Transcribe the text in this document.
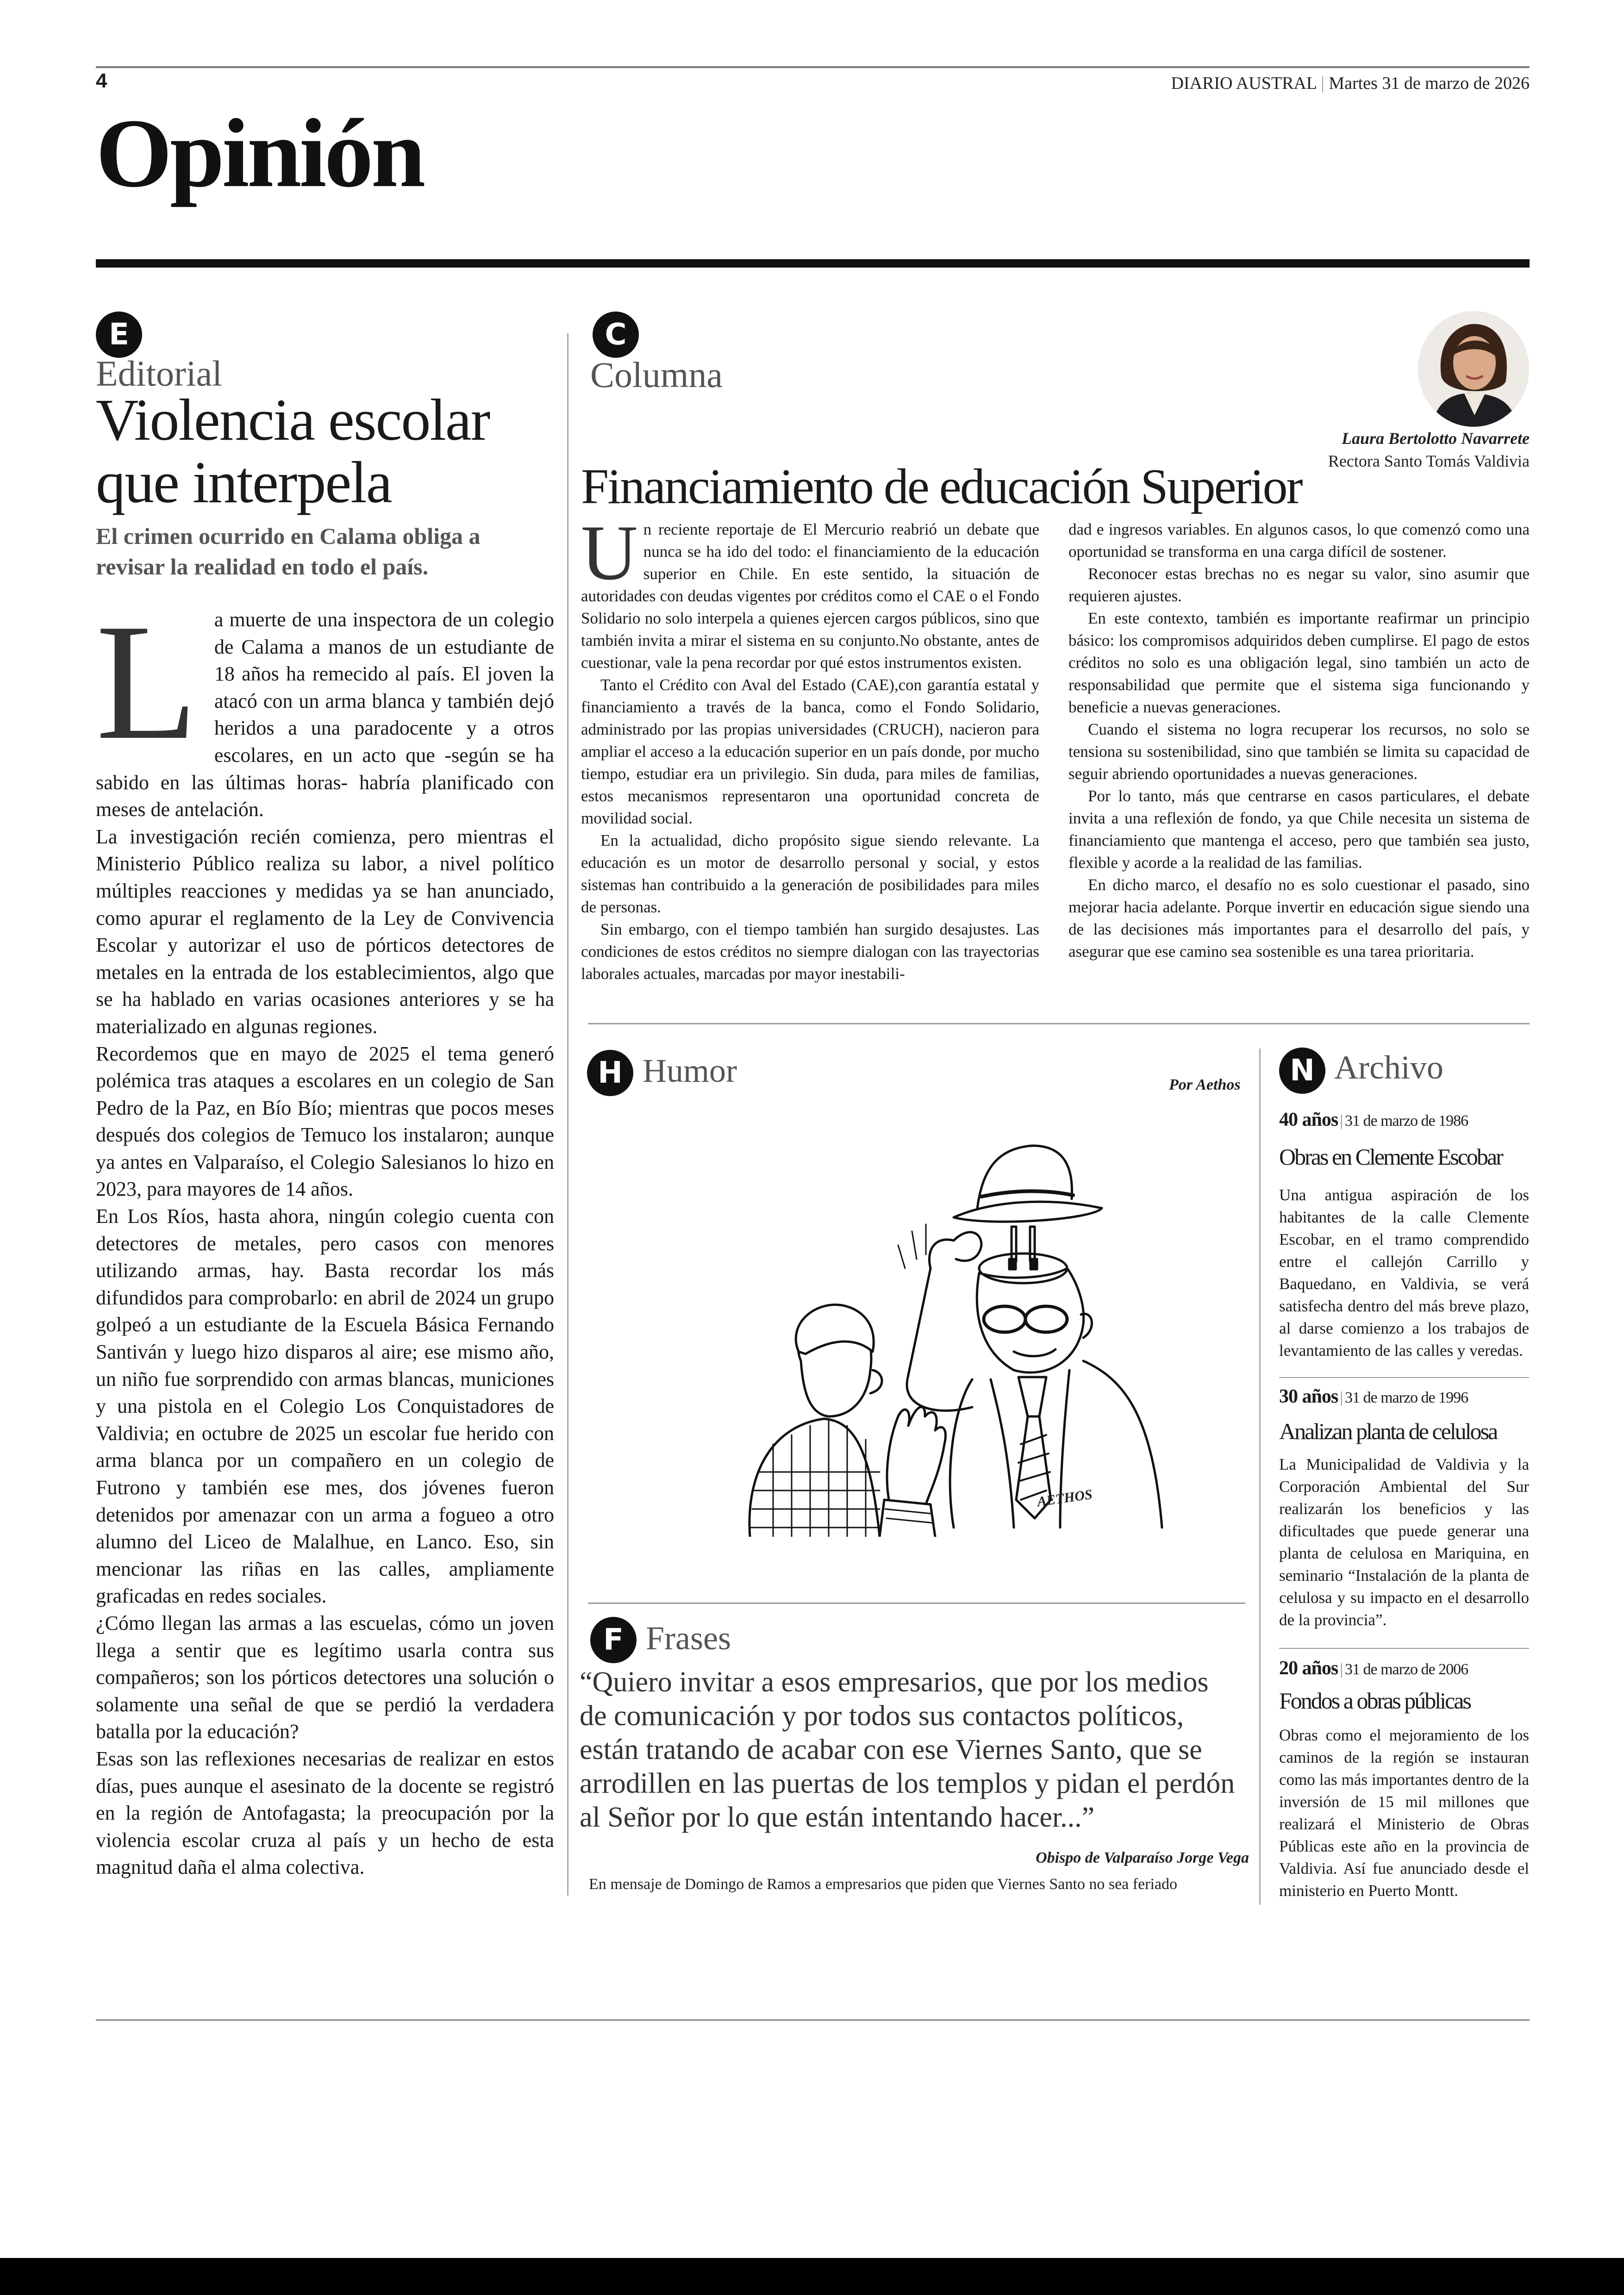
4	DIARIO AUSTRAL | Martes 31 de marzo de 2026
Opinión
E
Editorial
Violencia escolar que interpela
El crimen ocurrido en Calama obliga a revisar la realidad en todo el país.

La muerte de una inspectora de un colegio de Calama a manos de un estudiante de 18 años ha remecido al país. El joven la atacó con un arma blanca y también dejó heridos a una paradocente y a otros escolares, en un acto que -según se ha sabido en las últimas horas- habría planificado con meses de antelación.

La investigación recién comienza, pero mientras el Ministerio Público realiza su labor, a nivel político múltiples reacciones y medidas ya se han anunciado, como apurar el reglamento de la Ley de Convivencia Escolar y autorizar el uso de pórticos detectores de metales en la entrada de los establecimientos, algo que se ha hablado en varias ocasiones anteriores y se ha materializado en algunas regiones.

Recordemos que en mayo de 2025 el tema generó polémica tras ataques a escolares en un colegio de San Pedro de la Paz, en Bío Bío; mientras que pocos meses después dos colegios de Temuco los instalaron; aunque ya antes en Valparaíso, el Colegio Salesianos lo hizo en 2023, para mayores de 14 años.

En Los Ríos, hasta ahora, ningún colegio cuenta con detectores de metales, pero casos con menores utilizando armas, hay. Basta recordar los más difundidos para comprobarlo: en abril de 2024 un grupo golpeó a un estudiante de la Escuela Básica Fernando Santiván y luego hizo disparos al aire; ese mismo año, un niño fue sorprendido con armas blancas, municiones y una pistola en el Colegio Los Conquistadores de Valdivia; en octubre de 2025 un escolar fue herido con arma blanca por un compañero en un colegio de Futrono y también ese mes, dos jóvenes fueron detenidos por amenazar con un arma a fogueo a otro alumno del Liceo de Malalhue, en Lanco. Eso, sin mencionar las riñas en las calles, ampliamente graficadas en redes sociales.

¿Cómo llegan las armas a las escuelas, cómo un joven llega a sentir que es legítimo usarla contra sus compañeros; son los pórticos detectores una solución o solamente una señal de que se perdió la verdadera batalla por la educación?

Esas son las reflexiones necesarias de realizar en estos días, pues aunque el asesinato de la docente se registró en la región de Antofagasta; la preocupación por la violencia escolar cruza al país y un hecho de esta magnitud daña el alma colectiva.

C
Columna
Laura Bertolotto Navarrete
Rectora Santo Tomás Valdivia
Financiamiento de educación Superior

Un reciente reportaje de El Mercurio reabrió un debate que nunca se ha ido del todo: el financiamiento de la educación superior en Chile. En este sentido, la situación de autoridades con deudas vigentes por créditos como el CAE o el Fondo Solidario no solo interpela a quienes ejercen cargos públicos, sino que también invita a mirar el sistema en su conjunto.No obstante, antes de cuestionar, vale la pena recordar por qué estos instrumentos existen.

Tanto el Crédito con Aval del Estado (CAE),con garantía estatal y financiamiento a través de la banca, como el Fondo Solidario, administrado por las propias universidades (CRUCH), nacieron para ampliar el acceso a la educación superior en un país donde, por mucho tiempo, estudiar era un privilegio. Sin duda, para miles de familias, estos mecanismos representaron una oportunidad concreta de movilidad social.

En la actualidad, dicho propósito sigue siendo relevante. La educación es un motor de desarrollo personal y social, y estos sistemas han contribuido a la generación de posibilidades para miles de personas.

Sin embargo, con el tiempo también han surgido desajustes. Las condiciones de estos créditos no siempre dialogan con las trayectorias laborales actuales, marcadas por mayor inestabili-

dad e ingresos variables. En algunos casos, lo que comenzó como una oportunidad se transforma en una carga difícil de sostener.

Reconocer estas brechas no es negar su valor, sino asumir que requieren ajustes.

En este contexto, también es importante reafirmar un principio básico: los compromisos adquiridos deben cumplirse. El pago de estos créditos no solo es una obligación legal, sino también un acto de responsabilidad que permite que el sistema siga funcionando y beneficie a nuevas generaciones.

Cuando el sistema no logra recuperar los recursos, no solo se tensiona su sostenibilidad, sino que también se limita su capacidad de seguir abriendo oportunidades a nuevas generaciones.

Por lo tanto, más que centrarse en casos particulares, el debate invita a una reflexión de fondo, ya que Chile necesita un sistema de financiamiento que mantenga el acceso, pero que también sea justo, flexible y acorde a la realidad de las familias.

En dicho marco, el desafío no es solo cuestionar el pasado, sino mejorar hacia adelante. Porque invertir en educación sigue siendo una de las decisiones más importantes para el desarrollo del país, y asegurar que ese camino sea sostenible es una tarea prioritaria.

H Humor	Por Aethos
AETHOS
F Frases
“Quiero invitar a esos empresarios, que por los medios de comunicación y por todos sus contactos políticos, están tratando de acabar con ese Viernes Santo, que se arrodillen en las puertas de los templos y pidan el perdón al Señor por lo que están intentando hacer...”
Obispo de Valparaíso Jorge Vega
En mensaje de Domingo de Ramos a empresarios que piden que Viernes Santo no sea feriado
N Archivo
40 años | 31 de marzo de 1986
Obras en Clemente Escobar
Una antigua aspiración de los habitantes de la calle Clemente Escobar, en el tramo comprendido entre el callejón Carrillo y Baquedano, en Valdivia, se verá satisfecha dentro del más breve plazo, al darse comienzo a los trabajos de levantamiento de las calles y veredas.
30 años | 31 de marzo de 1996
Analizan planta de celulosa
La Municipalidad de Valdivia y la Corporación Ambiental del Sur realizarán los beneficios y las dificultades que puede generar una planta de celulosa en Mariquina, en seminario “Instalación de la planta de celulosa y su impacto en el desarrollo de la provincia”.
20 años | 31 de marzo de 2006
Fondos a obras públicas
Obras como el mejoramiento de los caminos de la región se instauran como las más importantes dentro de la inversión de 15 mil millones que realizará el Ministerio de Obras Públicas este año en la provincia de Valdivia. Así fue anunciado desde el ministerio en Puerto Montt.
